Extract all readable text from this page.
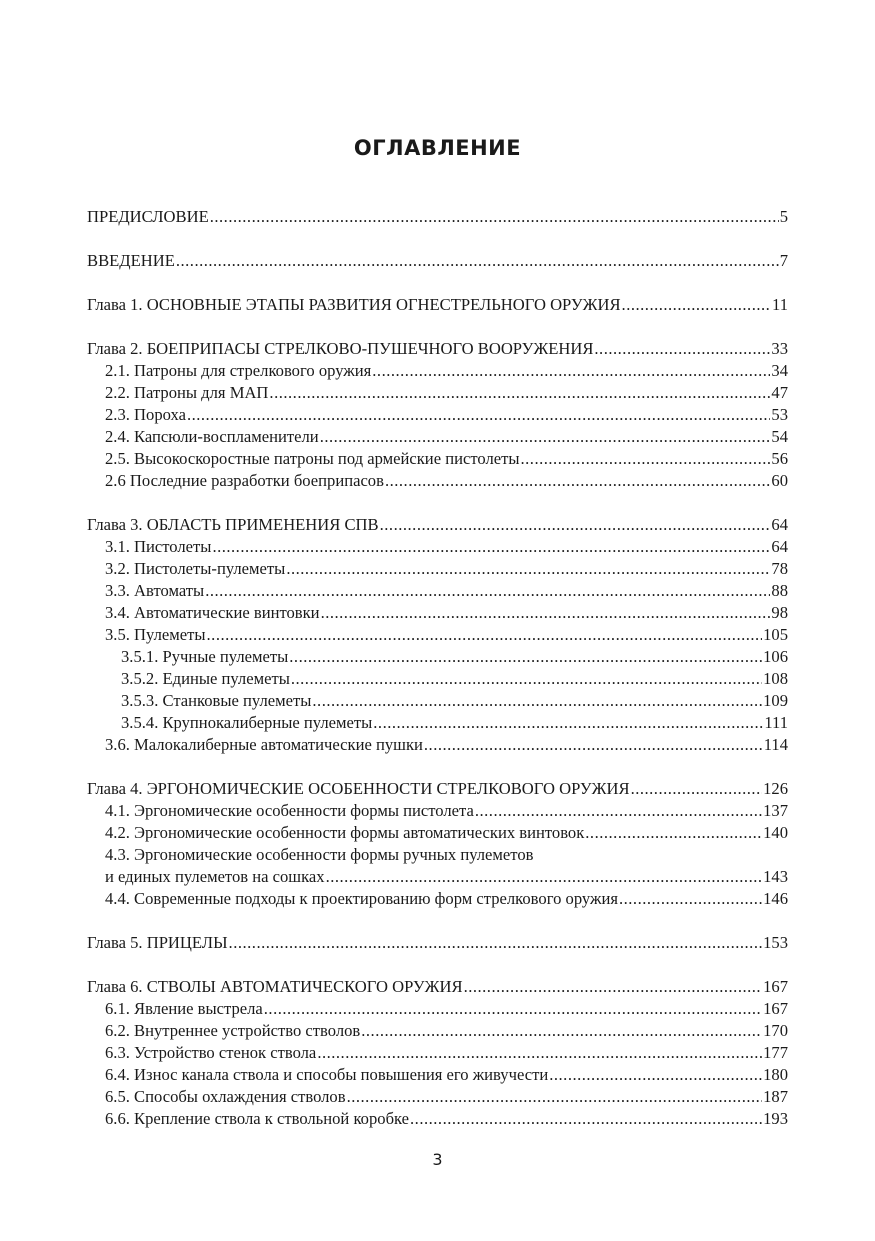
ОГЛАВЛЕНИЕ
ПРЕДИСЛОВИЕ .....	5
ВВЕДЕНИЕ .....	7
Глава 1. ОСНОВНЫЕ ЭТАПЫ РАЗВИТИЯ ОГНЕСТРЕЛЬНОГО ОРУЖИЯ .....	11
Глава 2. БОЕПРИПАСЫ СТРЕЛКОВО-ПУШЕЧНОГО ВООРУЖЕНИЯ .....	33
2.1. Патроны для стрелкового оружия .....	34
2.2. Патроны для МАП .....	47
2.3. Пороха .....	53
2.4. Капсюли-воспламенители .....	54
2.5. Высокоскоростные патроны под армейские пистолеты .....	56
2.6 Последние разработки боеприпасов .....	60
Глава 3. ОБЛАСТЬ ПРИМЕНЕНИЯ СПВ .....	64
3.1. Пистолеты .....	64
3.2. Пистолеты-пулеметы .....	78
3.3. Автоматы .....	88
3.4. Автоматические винтовки .....	98
3.5. Пулеметы .....	105
3.5.1. Ручные пулеметы .....	106
3.5.2. Единые пулеметы .....	108
3.5.3. Станковые пулеметы .....	109
3.5.4. Крупнокалиберные пулеметы .....	111
3.6. Малокалиберные автоматические пушки .....	114
Глава 4. ЭРГОНОМИЧЕСКИЕ ОСОБЕННОСТИ СТРЕЛКОВОГО ОРУЖИЯ .....	126
4.1. Эргономические особенности формы пистолета .....	137
4.2. Эргономические особенности формы автоматических винтовок .....	140
4.3. Эргономические особенности формы ручных пулеметов
и единых пулеметов на сошках .....	143
4.4. Современные подходы к проектированию форм стрелкового оружия .....	146
Глава 5. ПРИЦЕЛЫ .....	153
Глава 6. СТВОЛЫ АВТОМАТИЧЕСКОГО ОРУЖИЯ .....	167
6.1. Явление выстрела .....	167
6.2. Внутреннее устройство стволов .....	170
6.3. Устройство стенок ствола .....	177
6.4. Износ канала ствола и способы повышения его живучести .....	180
6.5. Способы охлаждения стволов .....	187
6.6. Крепление ствола к ствольной коробке .....	193
3
